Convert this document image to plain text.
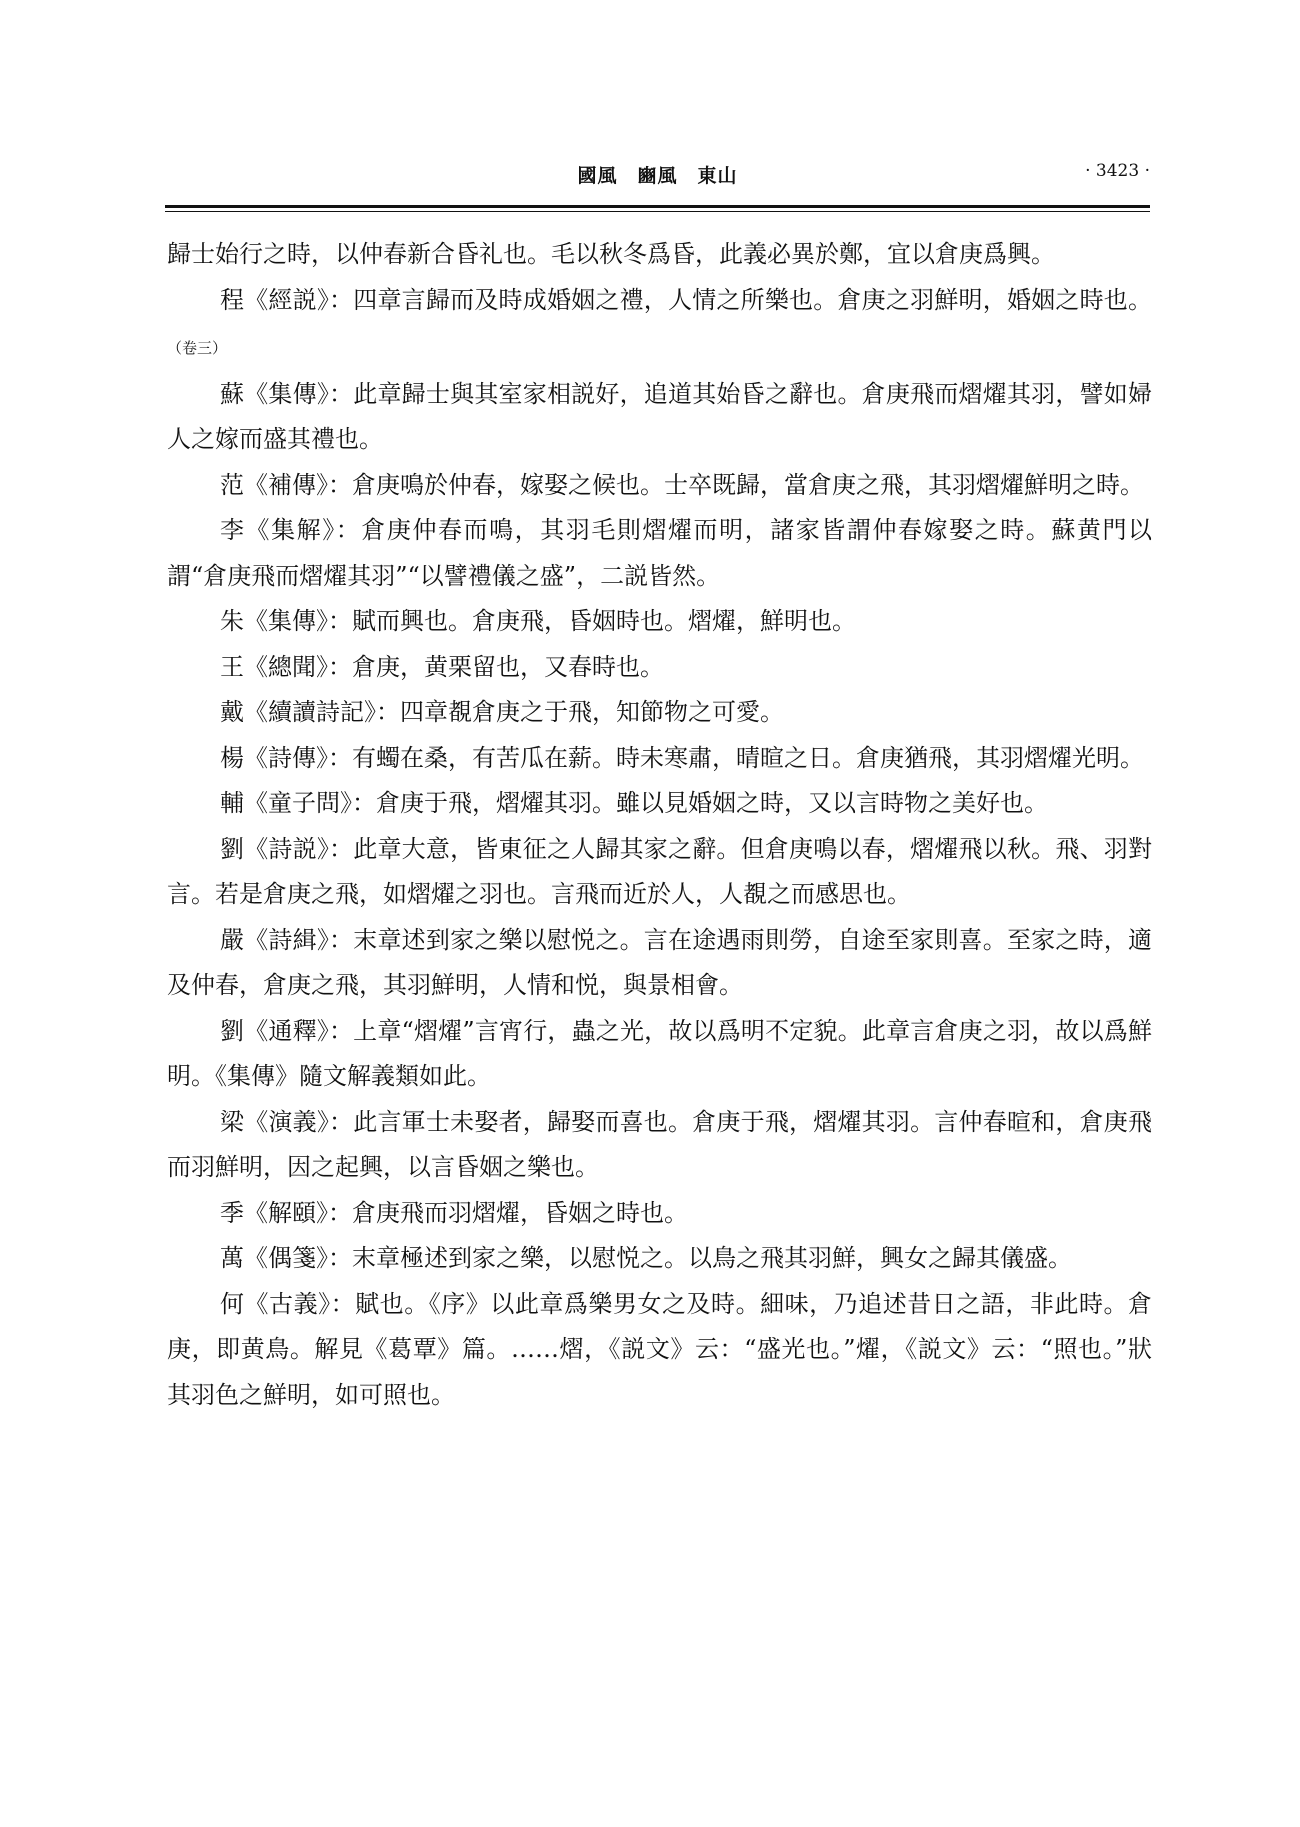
國風　豳風　東山	· 3423 ·

歸士始行之時，以仲春新合昏礼也。毛以秋冬爲昏，此義必異於鄭，宜以倉庚爲興。

程《經説》：四章言歸而及時成婚姻之禮，人情之所樂也。倉庚之羽鮮明，婚姻之時也。（卷三）

蘇《集傳》：此章歸士與其室家相説好，追道其始昏之辭也。倉庚飛而熠燿其羽，譬如婦人之嫁而盛其禮也。

范《補傳》：倉庚鳴於仲春，嫁娶之候也。士卒既歸，當倉庚之飛，其羽熠燿鮮明之時。

李《集解》：倉庚仲春而鳴，其羽毛則熠燿而明，諸家皆謂仲春嫁娶之時。蘇黄門以謂“倉庚飛而熠燿其羽”“以譬禮儀之盛”，二説皆然。

朱《集傳》：賦而興也。倉庚飛，昏姻時也。熠燿，鮮明也。

王《總聞》：倉庚，黄栗留也，又春時也。

戴《續讀詩記》：四章覩倉庚之于飛，知節物之可愛。

楊《詩傳》：有蠋在桑，有苦瓜在薪。時未寒肅，晴暄之日。倉庚猶飛，其羽熠燿光明。

輔《童子問》：倉庚于飛，熠燿其羽。雖以見婚姻之時，又以言時物之美好也。

劉《詩説》：此章大意，皆東征之人歸其家之辭。但倉庚鳴以春，熠燿飛以秋。飛、羽對言。若是倉庚之飛，如熠燿之羽也。言飛而近於人，人覩之而感思也。

嚴《詩緝》：末章述到家之樂以慰悦之。言在途遇雨則勞，自途至家則喜。至家之時，適及仲春，倉庚之飛，其羽鮮明，人情和悦，與景相會。

劉《通釋》：上章“熠燿”言宵行，蟲之光，故以爲明不定貌。此章言倉庚之羽，故以爲鮮明。《集傳》隨文解義類如此。

梁《演義》：此言軍士未娶者，歸娶而喜也。倉庚于飛，熠燿其羽。言仲春暄和，倉庚飛而羽鮮明，因之起興，以言昏姻之樂也。

季《解頤》：倉庚飛而羽熠燿，昏姻之時也。

萬《偶箋》：末章極述到家之樂，以慰悦之。以鳥之飛其羽鮮，興女之歸其儀盛。

何《古義》：賦也。《序》以此章爲樂男女之及時。細味，乃追述昔日之語，非此時。倉庚，即黄鳥。解見《葛覃》篇。……熠，《説文》云：“盛光也。”燿，《説文》云：“照也。”狀其羽色之鮮明，如可照也。
